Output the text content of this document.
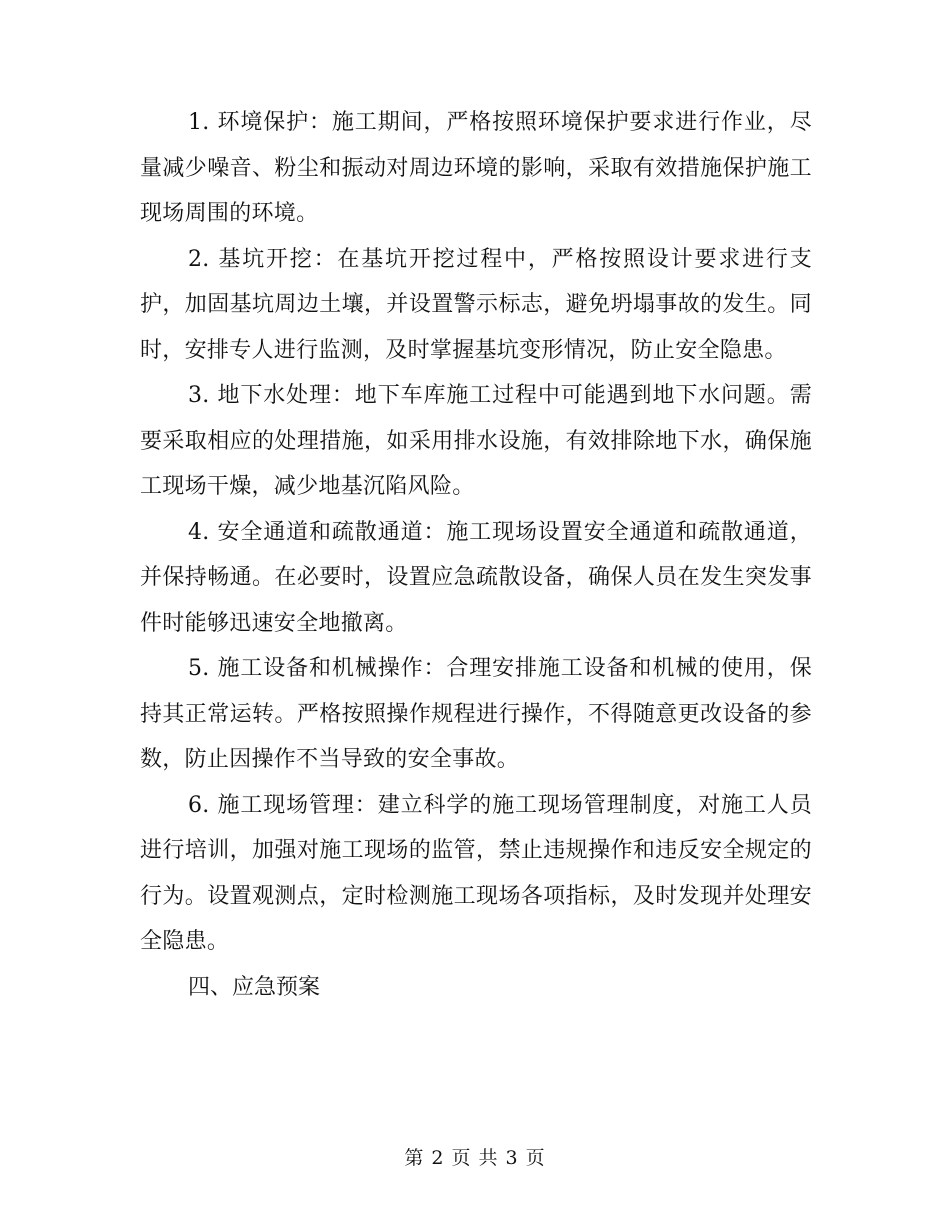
1. 环境保护：施工期间，严格按照环境保护要求进行作业，尽量减少噪音、粉尘和振动对周边环境的影响，采取有效措施保护施工现场周围的环境。

2. 基坑开挖：在基坑开挖过程中，严格按照设计要求进行支护，加固基坑周边土壤，并设置警示标志，避免坍塌事故的发生。同时，安排专人进行监测，及时掌握基坑变形情况，防止安全隐患。

3. 地下水处理：地下车库施工过程中可能遇到地下水问题。需要采取相应的处理措施，如采用排水设施，有效排除地下水，确保施工现场干燥，减少地基沉陷风险。

4. 安全通道和疏散通道：施工现场设置安全通道和疏散通道，并保持畅通。在必要时，设置应急疏散设备，确保人员在发生突发事件时能够迅速安全地撤离。

5. 施工设备和机械操作：合理安排施工设备和机械的使用，保持其正常运转。严格按照操作规程进行操作，不得随意更改设备的参数，防止因操作不当导致的安全事故。

6. 施工现场管理：建立科学的施工现场管理制度，对施工人员进行培训，加强对施工现场的监管，禁止违规操作和违反安全规定的行为。设置观测点，定时检测施工现场各项指标，及时发现并处理安全隐患。

四、应急预案

第 2 页 共 3 页
